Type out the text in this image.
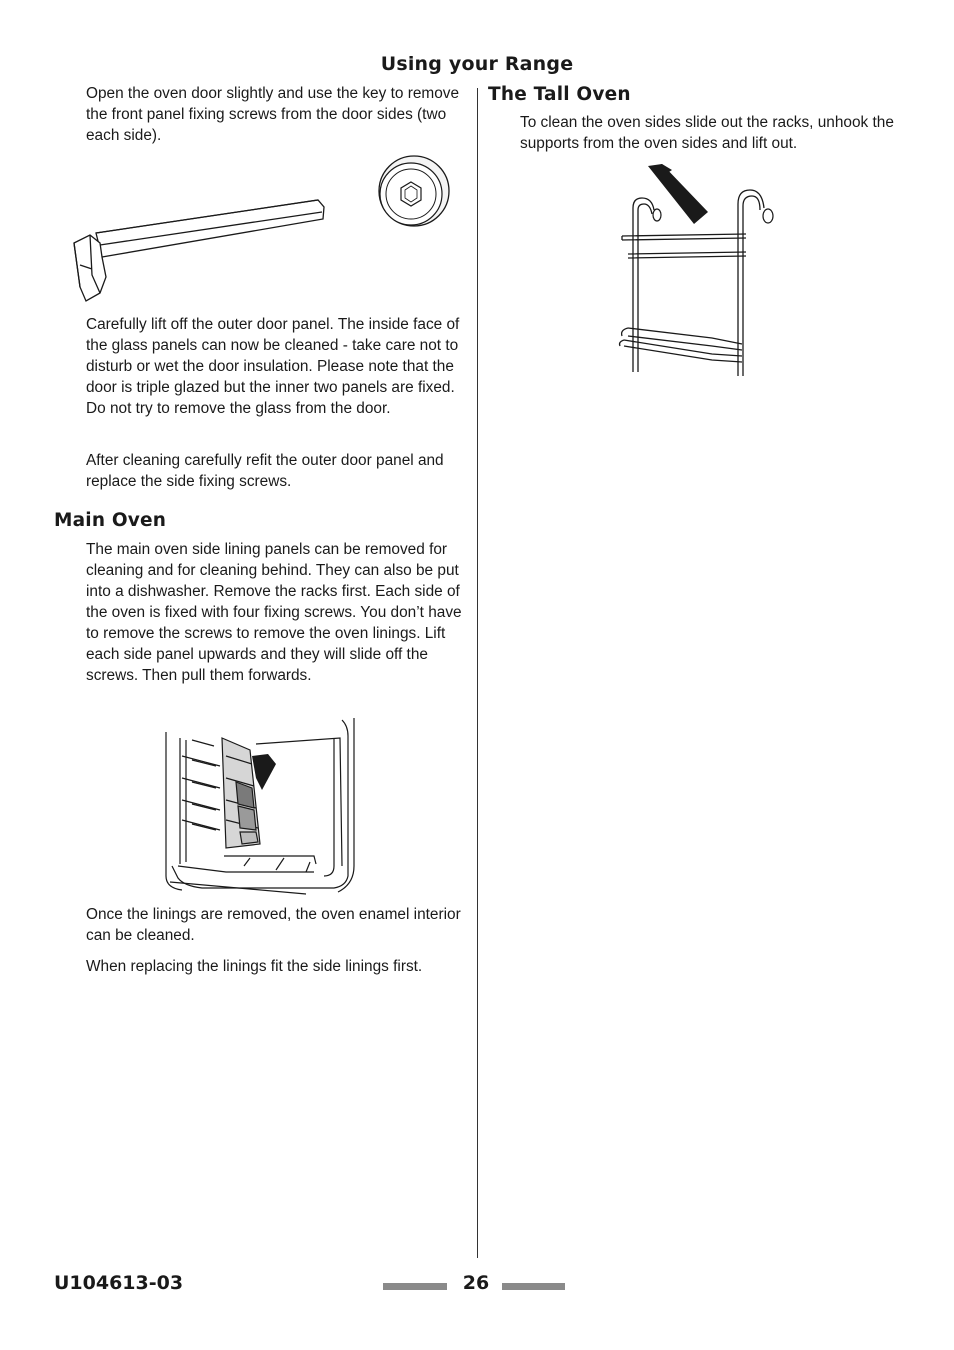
Using your Range

Open the oven door slightly and use the key to remove the front panel fixing screws from the door sides (two each side).

Carefully lift off the outer door panel. The inside face of the glass panels can now be cleaned - take care not to disturb or wet the door insulation. Please note that the door is triple glazed but the inner two panels are fixed. Do not try to remove the glass from the door.

After cleaning carefully refit the outer door panel and replace the side fixing screws.

Main Oven

The main oven side lining panels can be removed for cleaning and for cleaning behind. They can also be put into a dishwasher. Remove the racks first. Each side of the oven is fixed with four fixing screws. You don’t have to remove the screws to remove the oven linings. Lift each side panel upwards and they will slide off the screws. Then pull them forwards.

Once the linings are removed, the oven enamel interior can be cleaned.

When replacing the linings fit the side linings first.

The Tall Oven

To clean the oven sides slide out the racks, unhook the supports from the oven sides and lift out.

U104613-03	26
